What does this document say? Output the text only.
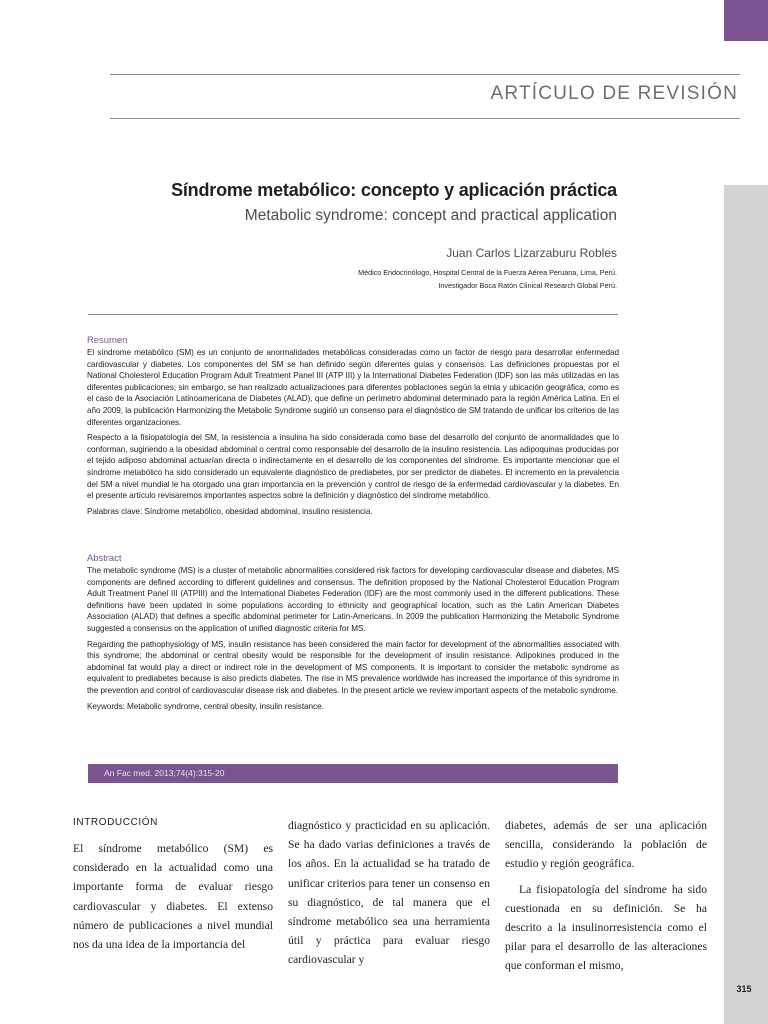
315
ARTÍCULO DE REVISIÓN
Síndrome metabólico: concepto y aplicación práctica
Metabolic syndrome: concept and practical application
Juan Carlos Lizarzaburu Robles
Médico Endocrinólogo, Hospital Central de la Fuerza Aérea Peruana, Lima, Perú.
Investigador Boca Ratón Clinical Research Global Perú.
Resumen

El síndrome metabólico (SM) es un conjunto de anormalidades metabólicas consideradas como un factor de riesgo para desarrollar enfermedad cardiovascular y diabetes. Los componentes del SM se han definido según diferentes guías y consensos. Las definiciones propuestas por el National Cholesterol Education Program Adult Treatment Panel III (ATP III) y la International Diabetes Federation (IDF) son las más utilizadas en las diferentes publicaciones; sin embargo, se han realizado actualizaciones para diferentes poblaciones según la etnia y ubicación geográfica, como es el caso de la Asociación Latinoamericana de Diabetes (ALAD), que define un perímetro abdominal determinado para la región América Latina. En el año 2009, la publicación Harmonizing the Metabolic Syndrome sugirió un consenso para el diagnóstico de SM tratando de unificar los criterios de las diferentes organizaciones.

Respecto a la fisiopatología del SM, la resistencia a insulina ha sido considerada como base del desarrollo del conjunto de anormalidades que lo conforman, sugiriendo a la obesidad abdominal o central como responsable del desarrollo de la insulino resistencia. Las adipoquinas producidas por el tejido adiposo abdominal actuarían directa o indirectamente en el desarrollo de los componentes del síndrome. Es importante mencionar que el síndrome metabólico ha sido considerado un equivalente diagnóstico de prediabetes, por ser predictor de diabetes. El incremento en la prevalencia del SM a nivel mundial le ha otorgado una gran importancia en la prevención y control de riesgo de la enfermedad cardiovascular y la diabetes. En el presente artículo revisaremos importantes aspectos sobre la definición y diagnóstico del síndrome metabólico.

Palabras clave: Síndrome metabólico, obesidad abdominal, insulino resistencia.

Abstract

The metabolic syndrome (MS) is a cluster of metabolic abnormalities considered risk factors for developing cardiovascular disease and diabetes. MS components are defined according to different guidelines and consensus. The definition proposed by the National Cholesterol Education Program Adult Treatment Panel III (ATPIII) and the International Diabetes Federation (IDF) are the most commonly used in the different publications. These definitions have been updated in some populations according to ethnicity and geographical location, such as the Latin American Diabetes Association (ALAD) that defines a specific abdominal perimeter for Latin-Americans. In 2009 the publication Harmonizing the Metabolic Syndrome suggested a consensus on the application of unified diagnostic criteria for MS.

Regarding the pathophysiology of MS, insulin resistance has been considered the main factor for development of the abnormalities associated with this syndrome; the abdominal or central obesity would be responsible for the development of insulin resistance. Adipokines produced in the abdominal fat would play a direct or indirect role in the development of MS components. It is important to consider the metabolic syndrome as equivalent to prediabetes because is also predicts diabetes. The rise in MS prevalence worldwide has increased the importance of this syndrome in the prevention and control of cardiovascular disease risk and diabetes. In the present article we review important aspects of the metabolic syndrome.

Keywords: Metabolic syndrome, central obesity, insulin resistance.

An Fac med. 2013;74(4):315-20
INTRODUCCIÓN

El síndrome metabólico (SM) es considerado en la actualidad como una importante forma de evaluar riesgo cardiovascular y diabetes. El extenso número de publicaciones a nivel mundial nos da una idea de la importancia del

diagnóstico y practicidad en su aplicación. Se ha dado varias definiciones a través de los años. En la actualidad se ha tratado de unificar criterios para tener un consenso en su diagnóstico, de tal manera que el síndrome metabólico sea una herramienta útil y práctica para evaluar riesgo cardiovascular y

diabetes, además de ser una aplicación sencilla, considerando la población de estudio y región geográfica.

La fisiopatología del síndrome ha sido cuestionada en su definición. Se ha descrito a la insulinorresistencia como el pilar para el desarrollo de las alteraciones que conforman el mismo,
